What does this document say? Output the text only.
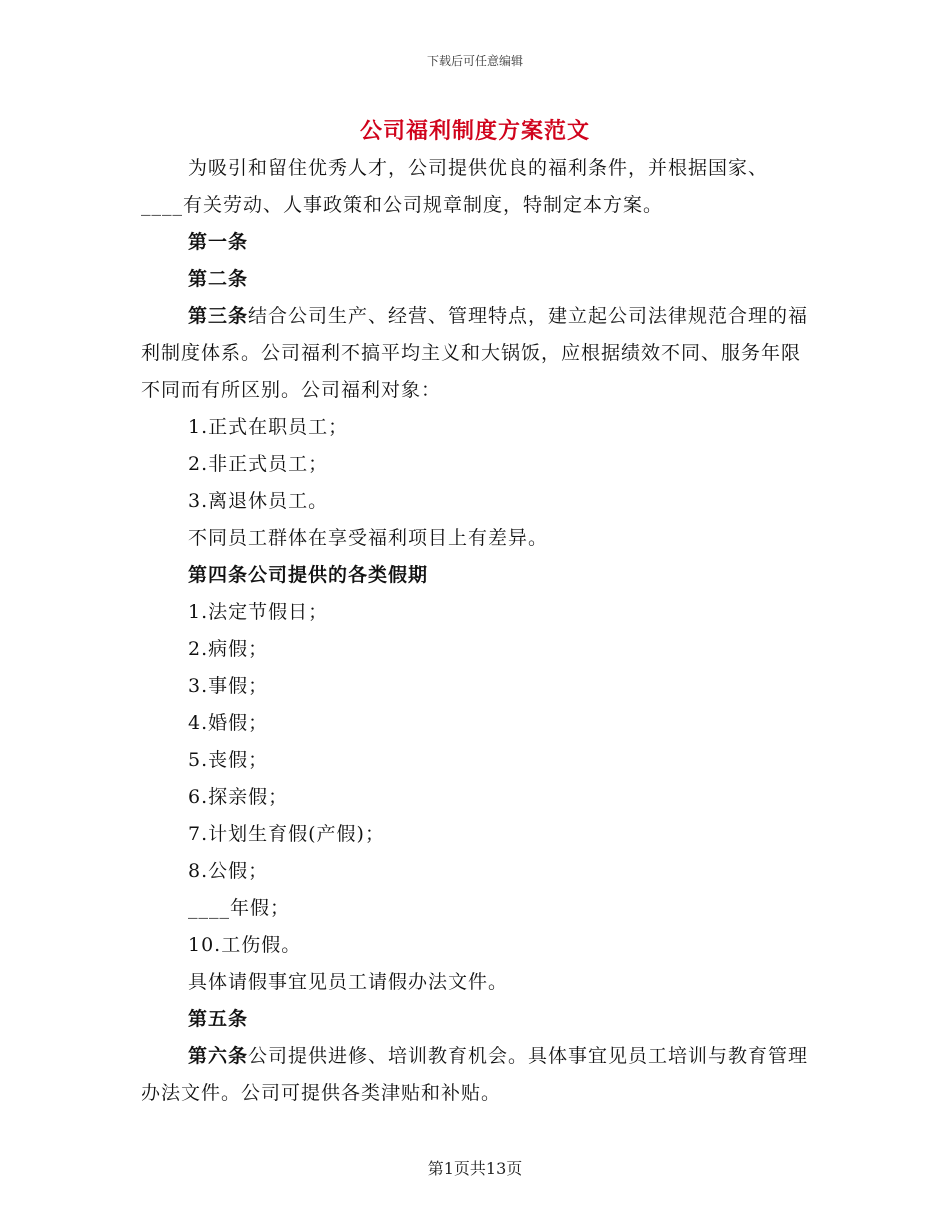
下载后可任意编辑
公司福利制度方案范文

为吸引和留住优秀人才，公司提供优良的福利条件，并根据国家、____有关劳动、人事政策和公司规章制度，特制定本方案。

第一条

第二条

第三条结合公司生产、经营、管理特点，建立起公司法律规范合理的福利制度体系。公司福利不搞平均主义和大锅饭，应根据绩效不同、服务年限不同而有所区别。公司福利对象：

1.正式在职员工；

2.非正式员工；

3.离退休员工。

不同员工群体在享受福利项目上有差异。

第四条公司提供的各类假期

1.法定节假日；

2.病假；

3.事假；

4.婚假；

5.丧假；

6.探亲假；

7.计划生育假(产假)；

8.公假；

____年假；

10.工伤假。

具体请假事宜见员工请假办法文件。

第五条

第六条公司提供进修、培训教育机会。具体事宜见员工培训与教育管理办法文件。公司可提供各类津贴和补贴。

第1页共13页
